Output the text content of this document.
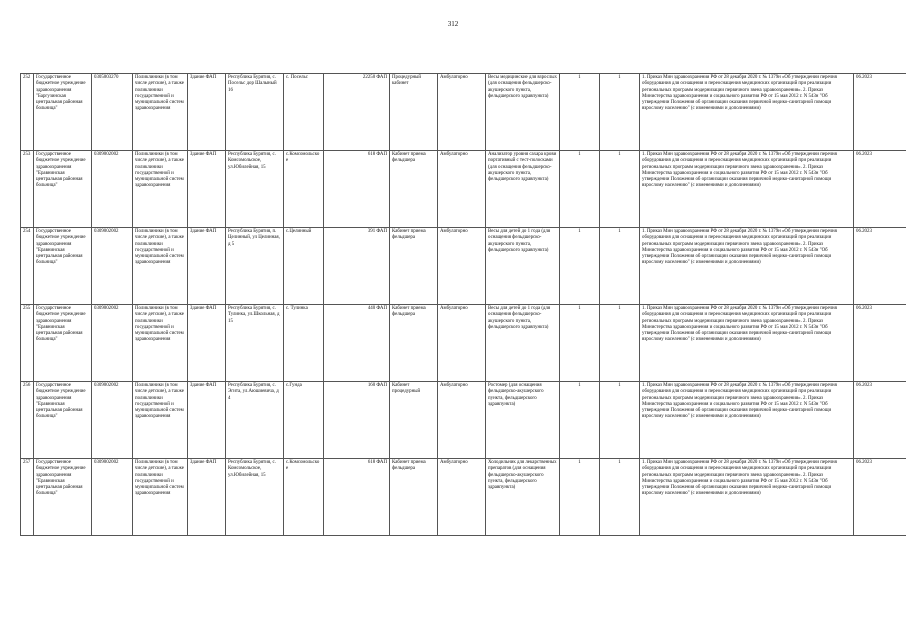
312
252	Государственное бюджетное учреждение здравоохранения "Баргузинская центральная районная больница"	0305003270	Поликлиники (в том числе детские), а также поликлиники государственной и муниципальной систем здравоохранения	Здание ФАП	Республика Бурятия, с. Посельс дор Шалыный 16	с. Посельс	22250 ФАП	Процедурный кабинет	Амбулаторно	Весы медицинские для взрослых (для оснащения фельдшерско-акушерского пункта, фельдшерского здравпункта)	1	1	1. Приказ Мин здравоохранения РФ от 28 декабря 2020 г. № 1379н «Об утверждении перечня оборудования для оснащения и переоснащения медицинских организаций при реализации региональных программ модернизации первичного звена здравоохранения». 2. Приказ Министерства здравоохранения и социального развития РФ от 15 мая 2012 г. N 543н "Об утверждении Положения об организации оказания первичной медико-санитарной помощи взрослому населению" (с изменениями и дополнениями)	06.2023
253	Государственное бюджетное учреждение здравоохранения "Еравнинская центральная районная больница"	0309002002	Поликлиники (в том числе детские), а также поликлиники государственной и муниципальной систем здравоохранения	Здание ФАП	Республика Бурятия, с. Комсомольское, ул.Юбилейная, 15	с.Комсомольское	618 ФАП	Кабинет приема фельдшера	Амбулаторно	Анализатор уровня сахара крови портативный с тест-полосками (для оснащения фельдшерско-акушерского пункта, фельдшерского здравпункта)	1	1	1. Приказ Мин здравоохранения РФ от 28 декабря 2020 г. № 1379н «Об утверждении перечня оборудования для оснащения и переоснащения медицинских организаций при реализации региональных программ модернизации первичного звена здравоохранения». 2. Приказ Министерства здравоохранения и социального развития РФ от 15 мая 2012 г. N 543н "Об утверждении Положения об организации оказания первичной медико-санитарной помощи взрослому населению" (с изменениями и дополнениями)	06.2023
254	Государственное бюджетное учреждение здравоохранения "Еравнинская центральная районная больница"	0309002002	Поликлиники (в том числе детские), а также поликлиники государственной и муниципальной систем здравоохранения	Здание ФАП	Республика Бурятия, п. Целинный, ул Целинная, д 5	с.Целинный	391 ФАП	Кабинет приема фельдшера	Амбулаторно	Весы для детей до 1 года (для оснащения фельдшерско-акушерского пункта, фельдшерского здравпункта)	1	1	1. Приказ Мин здравоохранения РФ от 28 декабря 2020 г. № 1379н «Об утверждении перечня оборудования для оснащения и переоснащения медицинских организаций при реализации региональных программ модернизации первичного звена здравоохранения». 2. Приказ Министерства здравоохранения и социального развития РФ от 15 мая 2012 г. N 543н "Об утверждении Положения об организации оказания первичной медико-санитарной помощи взрослому населению" (с изменениями и дополнениями)	06.2023
255	Государственное бюджетное учреждение здравоохранения "Еравнинская центральная районная больница"	0309002002	Поликлиники (в том числе детские), а также поликлиники государственной и муниципальной систем здравоохранения	Здание ФАП	Республика Бурятия, с. Тулинка, ул.Школьная, д 15	с. Тулинка	440 ФАП	Кабинет приема фельдшера	Амбулаторно	Весы для детей до 1 года (для оснащения фельдшерско-акушерского пункта, фельдшерского здравпункта)	1	1	1. Приказ Мин здравоохранения РФ от 28 декабря 2020 г. № 1379н «Об утверждении перечня оборудования для оснащения и переоснащения медицинских организаций при реализации региональных программ модернизации первичного звена здравоохранения». 2. Приказ Министерства здравоохранения и социального развития РФ от 15 мая 2012 г. N 543н "Об утверждении Положения об организации оказания первичной медико-санитарной помощи взрослому населению" (с изменениями и дополнениями)	06.2023
256	Государственное бюджетное учреждение здравоохранения "Еравнинская центральная районная больница"	0309002002	Поликлиники (в том числе детские), а также поликлиники государственной и муниципальной систем здравоохранения	Здание ФАП	Республика Бурятия, с. Эгита, ул.Аюшиевича, д 4	с.Гунда	160 ФАП	Кабинет процедурный	Амбулаторно	Ростомер (для оснащения фельдшерско-акушерского пункта, фельдшерского здравпункта)	1	1	1. Приказ Мин здравоохранения РФ от 28 декабря 2020 г. № 1379н «Об утверждении перечня оборудования для оснащения и переоснащения медицинских организаций при реализации региональных программ модернизации первичного звена здравоохранения». 2. Приказ Министерства здравоохранения и социального развития РФ от 15 мая 2012 г. N 543н "Об утверждении Положения об организации оказания первичной медико-санитарной помощи взрослому населению" (с изменениями и дополнениями)	06.2023
257	Государственное бюджетное учреждение здравоохранения "Еравнинская центральная районная больница"	0309002002	Поликлиники (в том числе детские), а также поликлиники государственной и муниципальной систем здравоохранения	Здание ФАП	Республика Бурятия, с. Комсомольское, ул.Юбилейная, 15	с.Комсомольское	618 ФАП	Кабинет приема фельдшера	Амбулаторно	Холодильник для лекарственных препаратов (для оснащения фельдшерско-акушерского пункта, фельдшерского здравпункта)	1	1	1. Приказ Мин здравоохранения РФ от 28 декабря 2020 г. № 1379н «Об утверждении перечня оборудования для оснащения и переоснащения медицинских организаций при реализации региональных программ модернизации первичного звена здравоохранения». 2. Приказ Министерства здравоохранения и социального развития РФ от 15 мая 2012 г. N 543н "Об утверждении Положения об организации оказания первичной медико-санитарной помощи взрослому населению" (с изменениями и дополнениями)	06.2023
